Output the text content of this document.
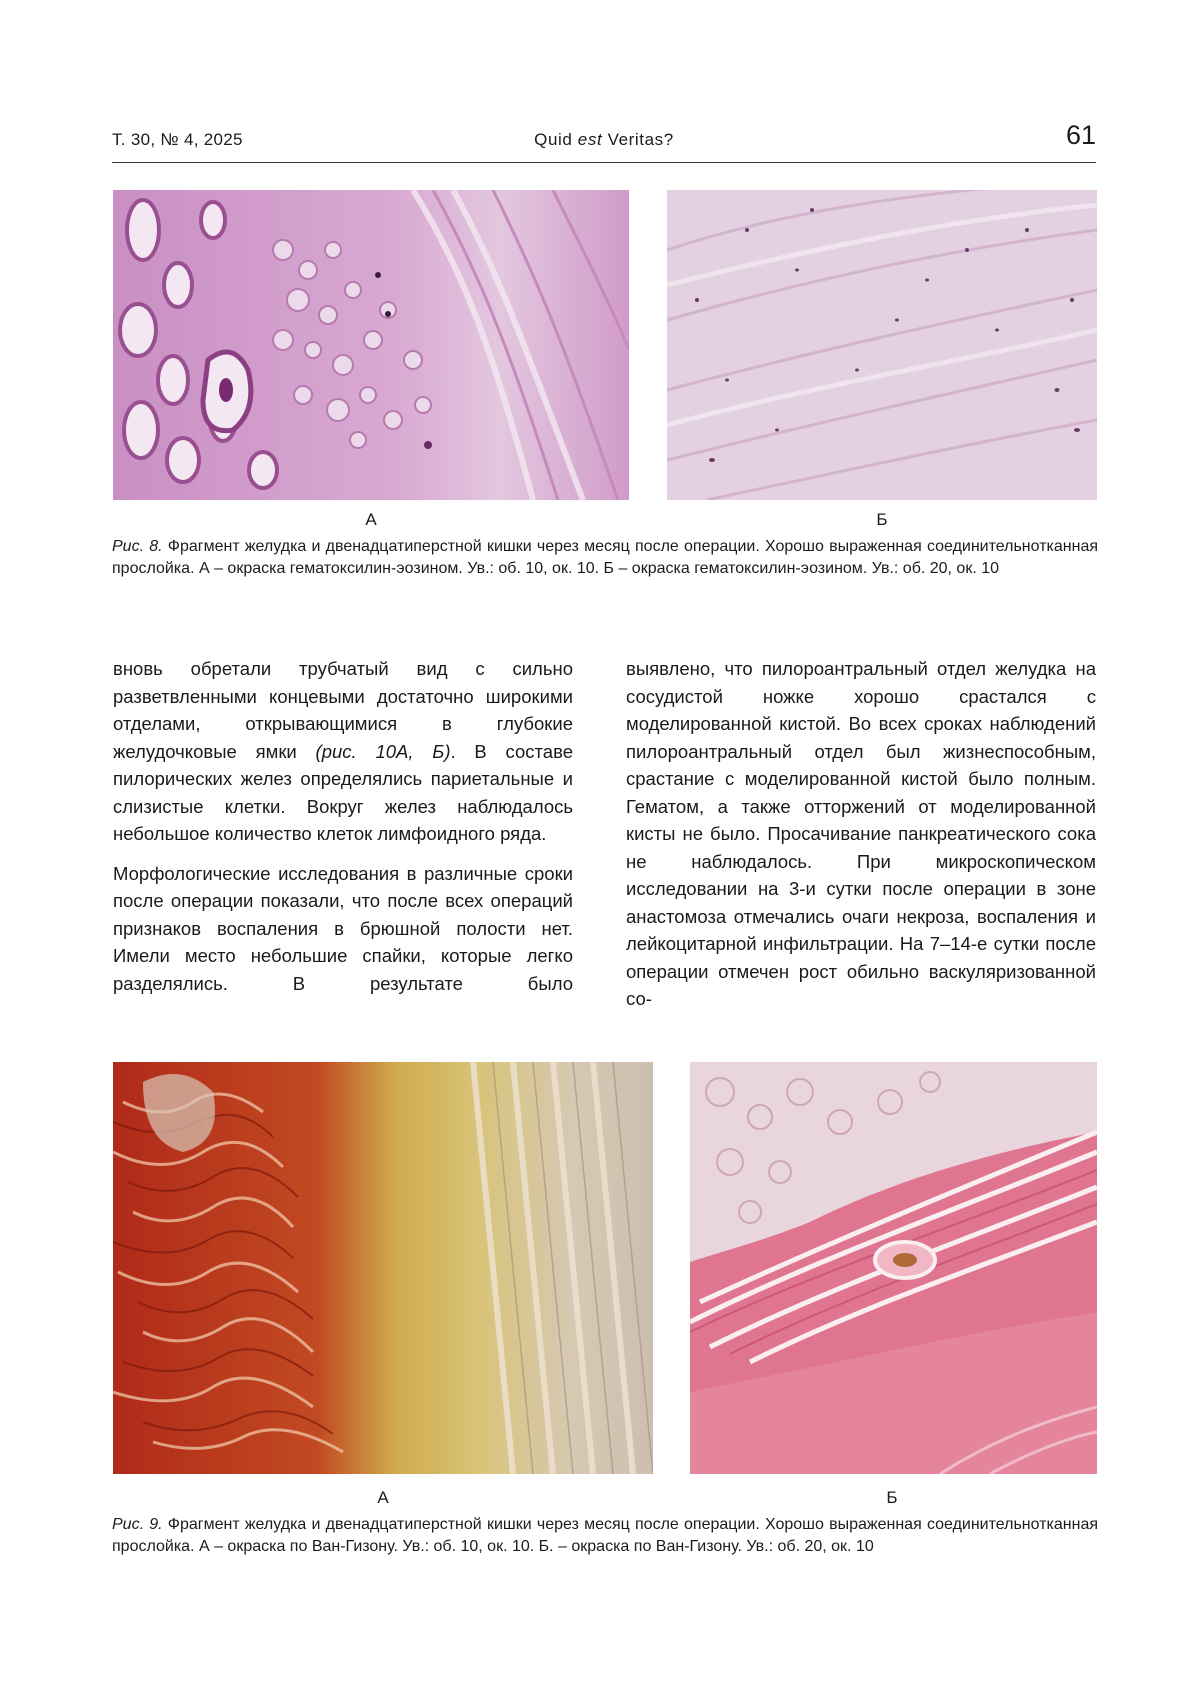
Т. 30, № 4, 2025	Quid est Veritas?	61
А	Б
Рис. 8. Фрагмент желудка и двенадцатиперстной кишки через месяц после операции. Хорошо выраженная соединительнотканная прослойка. А – окраска гематоксилин-эозином. Ув.: об. 10, ок. 10. Б – окраска гематоксилин-эозином. Ув.: об. 20, ок. 10

вновь обретали трубчатый вид с сильно разветвленными концевыми достаточно широкими отделами, открывающимися в глубокие желудочковые ямки (рис. 10А, Б). В составе пилорических желез определялись париетальные и слизистые клетки. Вокруг желез наблюдалось небольшое количество клеток лимфоидного ряда.

Морфологические исследования в различные сроки после операции показали, что после всех операций признаков воспаления в брюшной полости нет. Имели место небольшие спайки, которые легко разделялись. В результате было

выявлено, что пилороантральный отдел желудка на сосудистой ножке хорошо срастался с моделированной кистой. Во всех сроках наблюдений пилороантральный отдел был жизнеспособным, срастание с моделированной кистой было полным. Гематом, а также отторжений от моделированной кисты не было. Просачивание панкреатического сока не наблюдалось. При микроскопическом исследовании на 3-и сутки после операции в зоне анастомоза отмечались очаги некроза, воспаления и лейкоцитарной инфильтрации. На 7–14-е сутки после операции отмечен рост обильно васкуляризованной со-

А	Б
Рис. 9. Фрагмент желудка и двенадцатиперстной кишки через месяц после операции. Хорошо выраженная соединительнотканная прослойка. А – окраска по Ван-Гизону. Ув.: об. 10, ок. 10. Б. – окраска по Ван-Гизону. Ув.: об. 20, ок. 10
